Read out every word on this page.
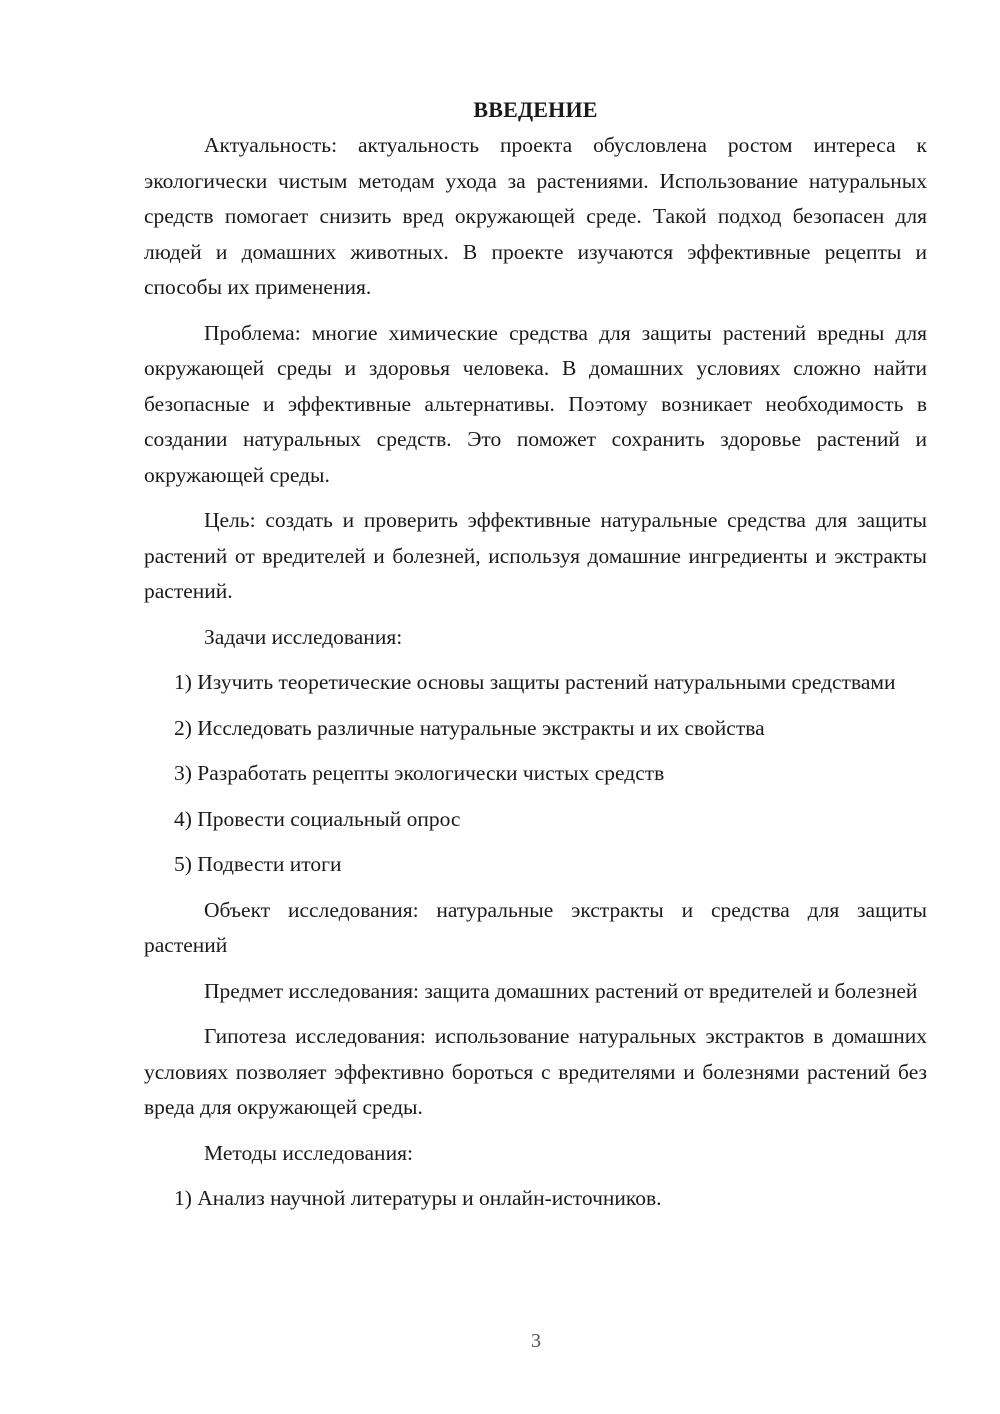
ВВЕДЕНИЕ

Актуальность: актуальность проекта обусловлена ростом интереса к экологически чистым методам ухода за растениями. Использование натуральных средств помогает снизить вред окружающей среде. Такой подход безопасен для людей и домашних животных. В проекте изучаются эффективные рецепты и способы их применения.

Проблема: многие химические средства для защиты растений вредны для окружающей среды и здоровья человека. В домашних условиях сложно найти безопасные и эффективные альтернативы. Поэтому возникает необходимость в создании натуральных средств. Это поможет сохранить здоровье растений и окружающей среды.

Цель: создать и проверить эффективные натуральные средства для защиты растений от вредителей и болезней, используя домашние ингредиенты и экстракты растений.

Задачи исследования:

1) Изучить теоретические основы защиты растений натуральными средствами

2) Исследовать различные натуральные экстракты и их свойства

3) Разработать рецепты экологически чистых средств

4) Провести социальный опрос

5) Подвести итоги

Объект исследования: натуральные экстракты и средства для защиты растений

Предмет исследования: защита домашних растений от вредителей и болезней

Гипотеза исследования: использование натуральных экстрактов в домашних условиях позволяет эффективно бороться с вредителями и болезнями растений без вреда для окружающей среды.

Методы исследования:

1) Анализ научной литературы и онлайн-источников.

3
